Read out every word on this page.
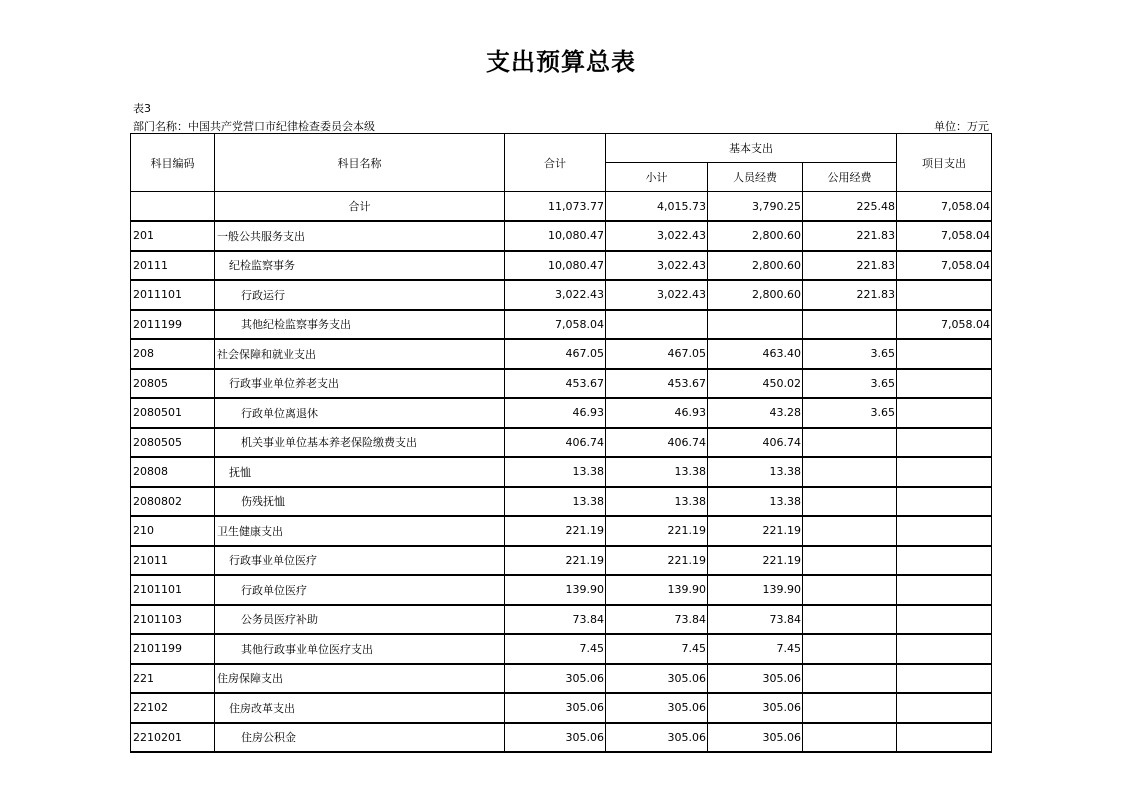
支出预算总表
表3
部门名称：中国共产党营口市纪律检查委员会本级	单位：万元
科目编码	科目名称	合计	基本支出			项目支出
			小计	人员经费	公用经费	
	合计	11,073.77	4,015.73	3,790.25	225.48	7,058.04
201	一般公共服务支出	10,080.47	3,022.43	2,800.60	221.83	7,058.04
20111	纪检监察事务	10,080.47	3,022.43	2,800.60	221.83	7,058.04
2011101	行政运行	3,022.43	3,022.43	2,800.60	221.83	
2011199	其他纪检监察事务支出	7,058.04				7,058.04
208	社会保障和就业支出	467.05	467.05	463.40	3.65	
20805	行政事业单位养老支出	453.67	453.67	450.02	3.65	
2080501	行政单位离退休	46.93	46.93	43.28	3.65	
2080505	机关事业单位基本养老保险缴费支出	406.74	406.74	406.74		
20808	抚恤	13.38	13.38	13.38		
2080802	伤残抚恤	13.38	13.38	13.38		
210	卫生健康支出	221.19	221.19	221.19		
21011	行政事业单位医疗	221.19	221.19	221.19		
2101101	行政单位医疗	139.90	139.90	139.90		
2101103	公务员医疗补助	73.84	73.84	73.84		
2101199	其他行政事业单位医疗支出	7.45	7.45	7.45		
221	住房保障支出	305.06	305.06	305.06		
22102	住房改革支出	305.06	305.06	305.06		
2210201	住房公积金	305.06	305.06	305.06		
